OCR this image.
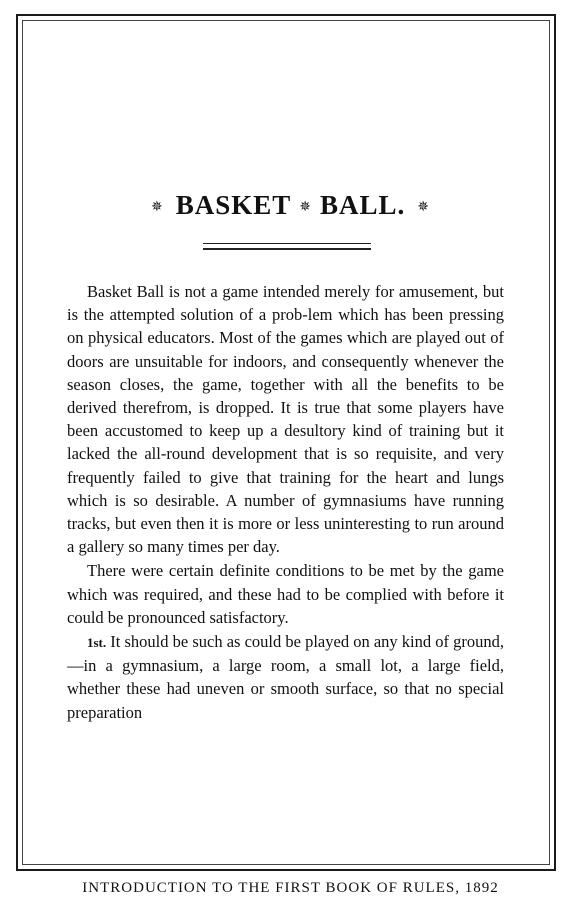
✵ BASKET ✵ BALL. ✵

Basket Ball is not a game intended merely for amusement, but is the attempted solution of a prob-lem which has been pressing on physical educators. Most of the games which are played out of doors are unsuitable for indoors, and consequently whenever the season closes, the game, together with all the benefits to be derived therefrom, is dropped. It is true that some players have been accustomed to keep up a desultory kind of training but it lacked the all-round development that is so requisite, and very frequently failed to give that training for the heart and lungs which is so desirable. A number of gymnasiums have running tracks, but even then it is more or less uninteresting to run around a gallery so many times per day.

There were certain definite conditions to be met by the game which was required, and these had to be complied with before it could be pronounced satisfactory.

1st. It should be such as could be played on any kind of ground,—in a gymnasium, a large room, a small lot, a large field, whether these had uneven or smooth surface, so that no special preparation

INTRODUCTION TO THE FIRST BOOK OF RULES, 1892
